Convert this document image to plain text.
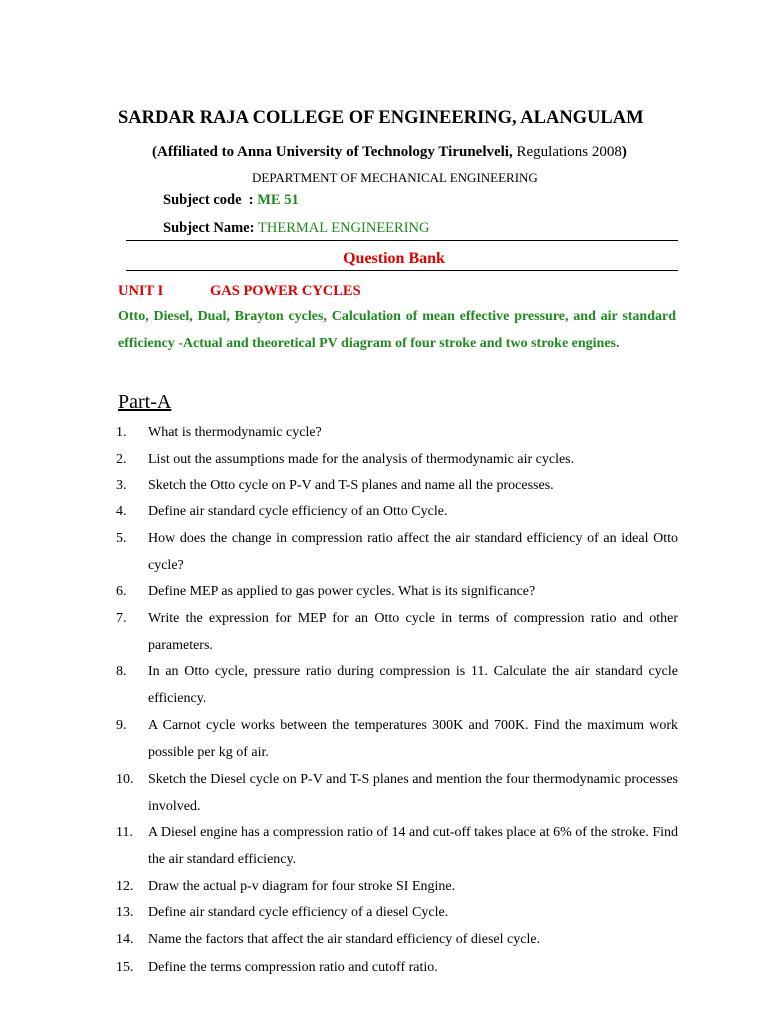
SARDAR RAJA COLLEGE OF ENGINEERING, ALANGULAM
(Affiliated to Anna University of Technology Tirunelveli, Regulations 2008)
DEPARTMENT OF MECHANICAL ENGINEERING
Subject code  : ME 51
Subject Name: THERMAL ENGINEERING
Question Bank
UNIT I	GAS POWER CYCLES
Otto, Diesel, Dual, Brayton cycles, Calculation of mean effective pressure, and air standard efficiency -Actual and theoretical PV diagram of four stroke and two stroke engines.
Part-A
1. What is thermodynamic cycle?
2. List out the assumptions made for the analysis of thermodynamic air cycles.
3. Sketch the Otto cycle on P-V and T-S planes and name all the processes.
4. Define air standard cycle efficiency of an Otto Cycle.
5. How does the change in compression ratio affect the air standard efficiency of an ideal Otto cycle?
6. Define MEP as applied to gas power cycles. What is its significance?
7. Write the expression for MEP for an Otto cycle in terms of compression ratio and other parameters.
8. In an Otto cycle, pressure ratio during compression is 11. Calculate the air standard cycle efficiency.
9. A Carnot cycle works between the temperatures 300K and 700K. Find the maximum work possible per kg of air.
10. Sketch the Diesel cycle on P-V and T-S planes and mention the four thermodynamic processes involved.
11. A Diesel engine has a compression ratio of 14 and cut-off takes place at 6% of the stroke. Find the air standard efficiency.
12. Draw the actual p-v diagram for four stroke SI Engine.
13. Define air standard cycle efficiency of a diesel Cycle.
14. Name the factors that affect the air standard efficiency of diesel cycle.
15. Define the terms compression ratio and cutoff ratio.
